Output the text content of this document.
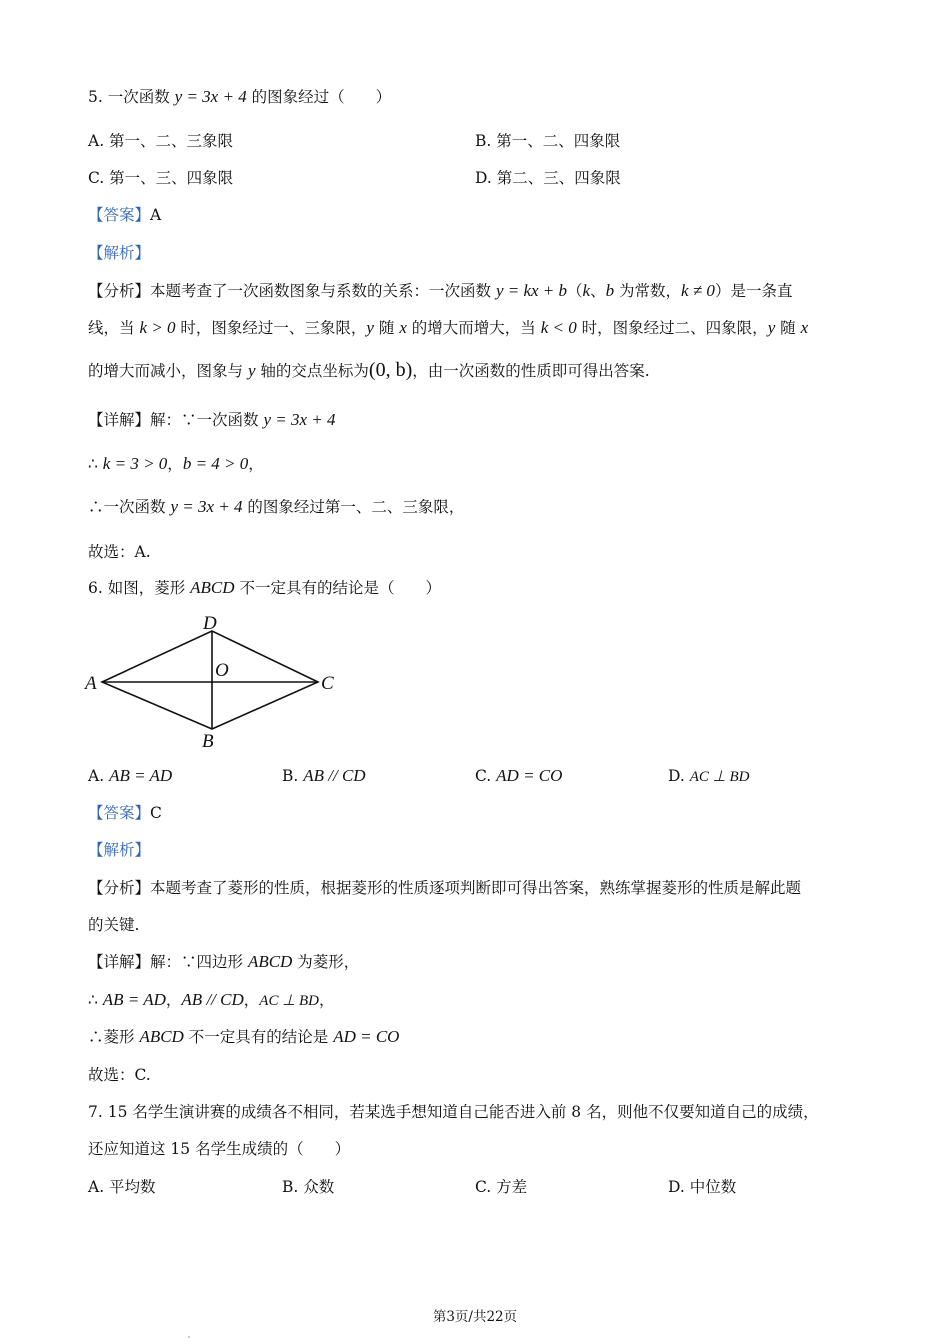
5. 一次函数 y = 3x + 4 的图象经过（　　）
A. 第一、二、三象限	B. 第一、二、四象限
C. 第一、三、四象限	D. 第二、三、四象限
【答案】A
【解析】
【分析】本题考查了一次函数图象与系数的关系：一次函数 y = kx + b（k、b 为常数，k ≠ 0）是一条直
线，当 k > 0 时，图象经过一、三象限，y 随 x 的增大而增大，当 k < 0 时，图象经过二、四象限，y 随 x
的增大而减小，图象与 y 轴的交点坐标为(0, b)，由一次函数的性质即可得出答案.
【详解】解：∵一次函数 y = 3x + 4
∴ k = 3 > 0，b = 4 > 0，
∴一次函数 y = 3x + 4 的图象经过第一、二、三象限，
故选：A.
6. 如图，菱形 ABCD 不一定具有的结论是（　　）
D
A
O
C
B
A. AB = AD	B. AB // CD	C. AD = CO	D. AC ⊥ BD
【答案】C
【解析】
【分析】本题考查了菱形的性质，根据菱形的性质逐项判断即可得出答案，熟练掌握菱形的性质是解此题
的关键.
【详解】解：∵四边形 ABCD 为菱形，
∴ AB = AD，AB // CD，AC ⊥ BD，
∴菱形 ABCD 不一定具有的结论是 AD = CO
故选：C.
7. 15 名学生演讲赛的成绩各不相同，若某选手想知道自己能否进入前 8 名，则他不仅要知道自己的成绩，
还应知道这 15 名学生成绩的（　　）
A. 平均数	B. 众数	C. 方差	D. 中位数
第3页/共22页
